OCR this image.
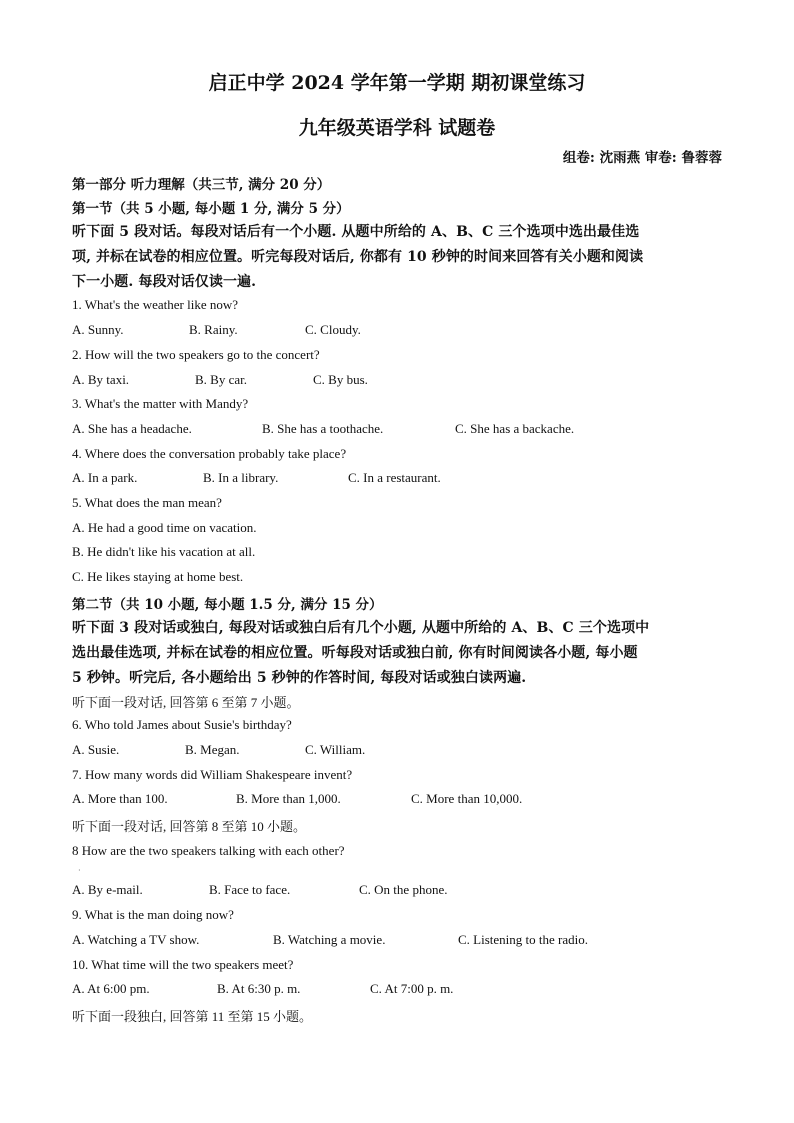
启正中学 2024 学年第一学期 期初课堂练习
九年级英语学科 试题卷
组卷: 沈雨燕 审卷: 鲁蓉蓉
第一部分 听力理解（共三节, 满分 20 分）
第一节（共 5 小题, 每小题 1 分, 满分 5 分）
听下面 5 段对话。每段对话后有一个小题. 从题中所给的 A、B、C 三个选项中选出最佳选
项, 并标在试卷的相应位置。听完每段对话后, 你都有 10 秒钟的时间来回答有关小题和阅读
下一小题. 每段对话仅读一遍.
1. What's the weather like now?
A. Sunny.	B. Rainy.	C. Cloudy.
2. How will the two speakers go to the concert?
A. By taxi.	B. By car.	C. By bus.
3. What's the matter with Mandy?
A. She has a headache.	B. She has a toothache.	C. She has a backache.
4. Where does the conversation probably take place?
A. In a park.	B. In a library.	C. In a restaurant.
5. What does the man mean?
A. He had a good time on vacation.
B. He didn't like his vacation at all.
C. He likes staying at home best.
第二节（共 10 小题, 每小题 1.5 分, 满分 15 分）
听下面 3 段对话或独白, 每段对话或独白后有几个小题, 从题中所给的 A、B、C 三个选项中
选出最佳选项, 并标在试卷的相应位置。听每段对话或独白前, 你有时间阅读各小题, 每小题
5 秒钟。听完后, 各小题给出 5 秒钟的作答时间, 每段对话或独白读两遍.
听下面一段对话, 回答第 6 至第 7 小题。
6. Who told James about Susie's birthday?
A. Susie.	B. Megan.	C. William.
7. How many words did William Shakespeare invent?
A. More than 100.	B. More than 1,000.	C. More than 10,000.
听下面一段对话, 回答第 8 至第 10 小题。
8 How are the two speakers talking with each other?
·
A. By e-mail.	B. Face to face.	C. On the phone.
9. What is the man doing now?
A. Watching a TV show.	B. Watching a movie.	C. Listening to the radio.
10. What time will the two speakers meet?
A. At 6:00 pm.	B. At 6:30 p. m.	C. At 7:00 p. m.
听下面一段独白, 回答第 11 至第 15 小题。
